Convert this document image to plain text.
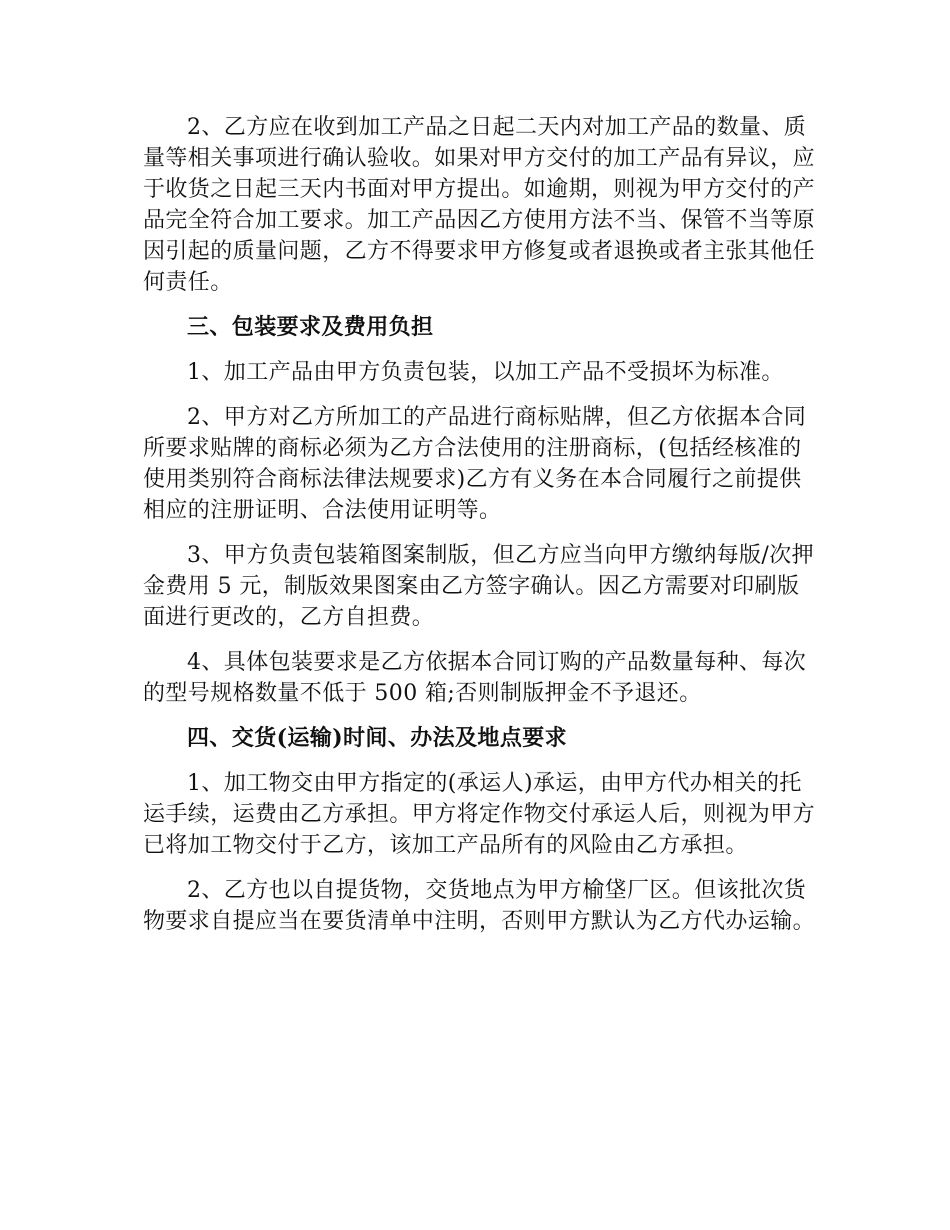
2、乙方应在收到加工产品之日起二天内对加工产品的数量、质量等相关事项进行确认验收。如果对甲方交付的加工产品有异议，应于收货之日起三天内书面对甲方提出。如逾期，则视为甲方交付的产品完全符合加工要求。加工产品因乙方使用方法不当、保管不当等原因引起的质量问题，乙方不得要求甲方修复或者退换或者主张其他任何责任。

三、包装要求及费用负担

1、加工产品由甲方负责包装，以加工产品不受损坏为标准。

2、甲方对乙方所加工的产品进行商标贴牌，但乙方依据本合同所要求贴牌的商标必须为乙方合法使用的注册商标，(包括经核准的使用类别符合商标法律法规要求)乙方有义务在本合同履行之前提供相应的注册证明、合法使用证明等。

3、甲方负责包装箱图案制版，但乙方应当向甲方缴纳每版/次押金费用 5 元，制版效果图案由乙方签字确认。因乙方需要对印刷版面进行更改的，乙方自担费。

4、具体包装要求是乙方依据本合同订购的产品数量每种、每次的型号规格数量不低于 500 箱;否则制版押金不予退还。

四、交货(运输)时间、办法及地点要求

1、加工物交由甲方指定的(承运人)承运，由甲方代办相关的托运手续，运费由乙方承担。甲方将定作物交付承运人后，则视为甲方已将加工物交付于乙方，该加工产品所有的风险由乙方承担。

2、乙方也以自提货物，交货地点为甲方榆垡厂区。但该批次货物要求自提应当在要货清单中注明，否则甲方默认为乙方代办运输。
